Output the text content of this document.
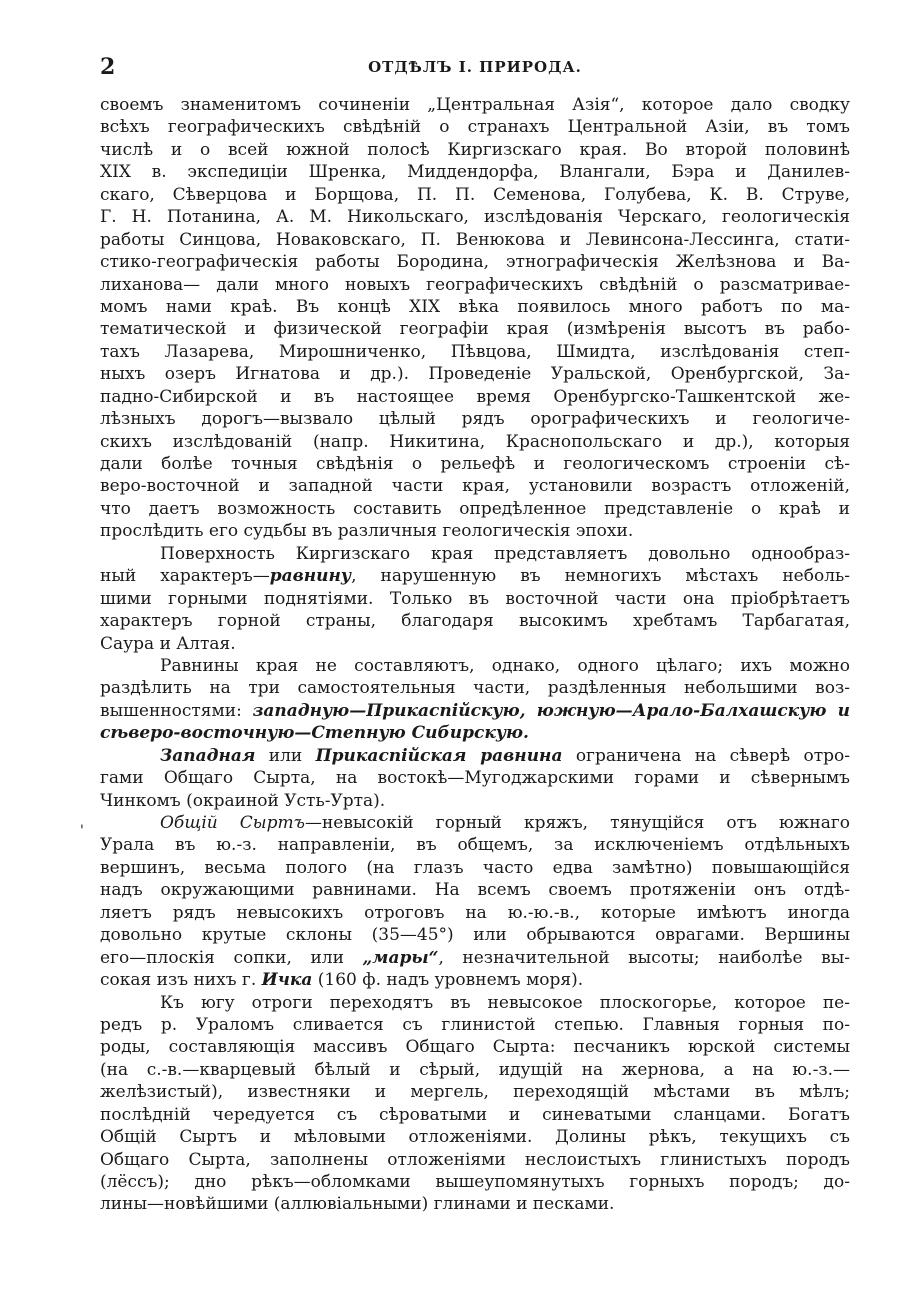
2	ОТДѢЛЪ I. ПРИРОДА.
'
своемъ знаменитомъ сочиненіи „Центральная Азія“, которое дало сводку
всѣхъ географическихъ свѣдѣній о странахъ Центральной Азіи, въ томъ
числѣ и о всей южной полосѣ Киргизскаго края. Во второй половинѣ
XIX в. экспедиціи Шренка, Миддендорфа, Влангали, Бэра и Данилев-
скаго, Сѣверцова и Борщова, П. П. Семенова, Голубева, К. В. Струве,
Г. Н. Потанина, А. М. Никольскаго, изслѣдованія Черскаго, геологическія
работы Синцова, Новаковскаго, П. Венюкова и Левинсона-Лессинга, стати-
стико-географическія работы Бородина, этнографическія Желѣзнова и Ва-
лиханова— дали много новыхъ географическихъ свѣдѣній о разсматривае-
момъ нами краѣ. Въ концѣ XIX вѣка появилось много работъ по ма-
тематической и физической географіи края (измѣренія высотъ въ рабо-
тахъ Лазарева, Мирошниченко, Пѣвцова, Шмидта, изслѣдованія степ-
ныхъ озеръ Игнатова и др.). Проведеніе Уральской, Оренбургской, За-
падно-Сибирской и въ настоящее время Оренбургско-Ташкентской же-
лѣзныхъ дорогъ—вызвало цѣлый рядъ орографическихъ и геологиче-
скихъ изслѣдованій (напр. Никитина, Краснопольскаго и др.), которыя
дали болѣе точныя свѣдѣнія о рельефѣ и геологическомъ строеніи сѣ-
веро-восточной и западной части края, установили возрастъ отложеній,
что даетъ возможность составить опредѣленное представленіе о краѣ и
прослѣдить его судьбы въ различныя геологическія эпохи.
Поверхность Киргизскаго края представляетъ довольно однообраз-
ный характеръ—равнину, нарушенную въ немногихъ мѣстахъ неболь-
шими горными поднятіями. Только въ восточной части она пріобрѣтаетъ
характеръ горной страны, благодаря высокимъ хребтамъ Тарбагатая,
Саура и Алтая.
Равнины края не составляютъ, однако, одного цѣлаго; ихъ можно
раздѣлить на три самостоятельныя части, раздѣленныя небольшими воз-
вышенностями: западную—Прикаспійскую, южную—Арало-Балхашскую и
сѣверо-восточную—Степную Сибирскую.
Западная или Прикаспійская равнина ограничена на сѣверѣ отро-
гами Общаго Сырта, на востокѣ—Мугоджарскими горами и сѣвернымъ
Чинкомъ (окраиной Усть-Урта).
Общій Сыртъ—невысокій горный кряжъ, тянущійся отъ южнаго
Урала въ ю.-з. направленіи, въ общемъ, за исключеніемъ отдѣльныхъ
вершинъ, весьма полого (на глазъ часто едва замѣтно) повышающійся
надъ окружающими равнинами. На всемъ своемъ протяженіи онъ отдѣ-
ляетъ рядъ невысокихъ отроговъ на ю.-ю.-в., которые имѣютъ иногда
довольно крутые склоны (35—45°) или обрываются оврагами. Вершины
его—плоскія сопки, или „мары“, незначительной высоты; наиболѣе вы-
сокая изъ нихъ г. Ичка (160 ф. надъ уровнемъ моря).
Къ югу отроги переходятъ въ невысокое плоскогорье, которое пе-
редъ р. Ураломъ сливается съ глинистой степью. Главныя горныя по-
роды, составляющія массивъ Общаго Сырта: песчаникъ юрской системы
(на с.-в.—кварцевый бѣлый и сѣрый, идущій на жернова, а на ю.-з.—
желѣзистый), известняки и мергель, переходящій мѣстами въ мѣлъ;
послѣдній чередуется съ сѣроватыми и синеватыми сланцами. Богатъ
Общій Сыртъ и мѣловыми отложеніями. Долины рѣкъ, текущихъ съ
Общаго Сырта, заполнены отложеніями неслоистыхъ глинистыхъ породъ
(лёссъ); дно рѣкъ—обломками вышеупомянутыхъ горныхъ породъ; до-
лины—новѣйшими (аллювіальными) глинами и песками.
